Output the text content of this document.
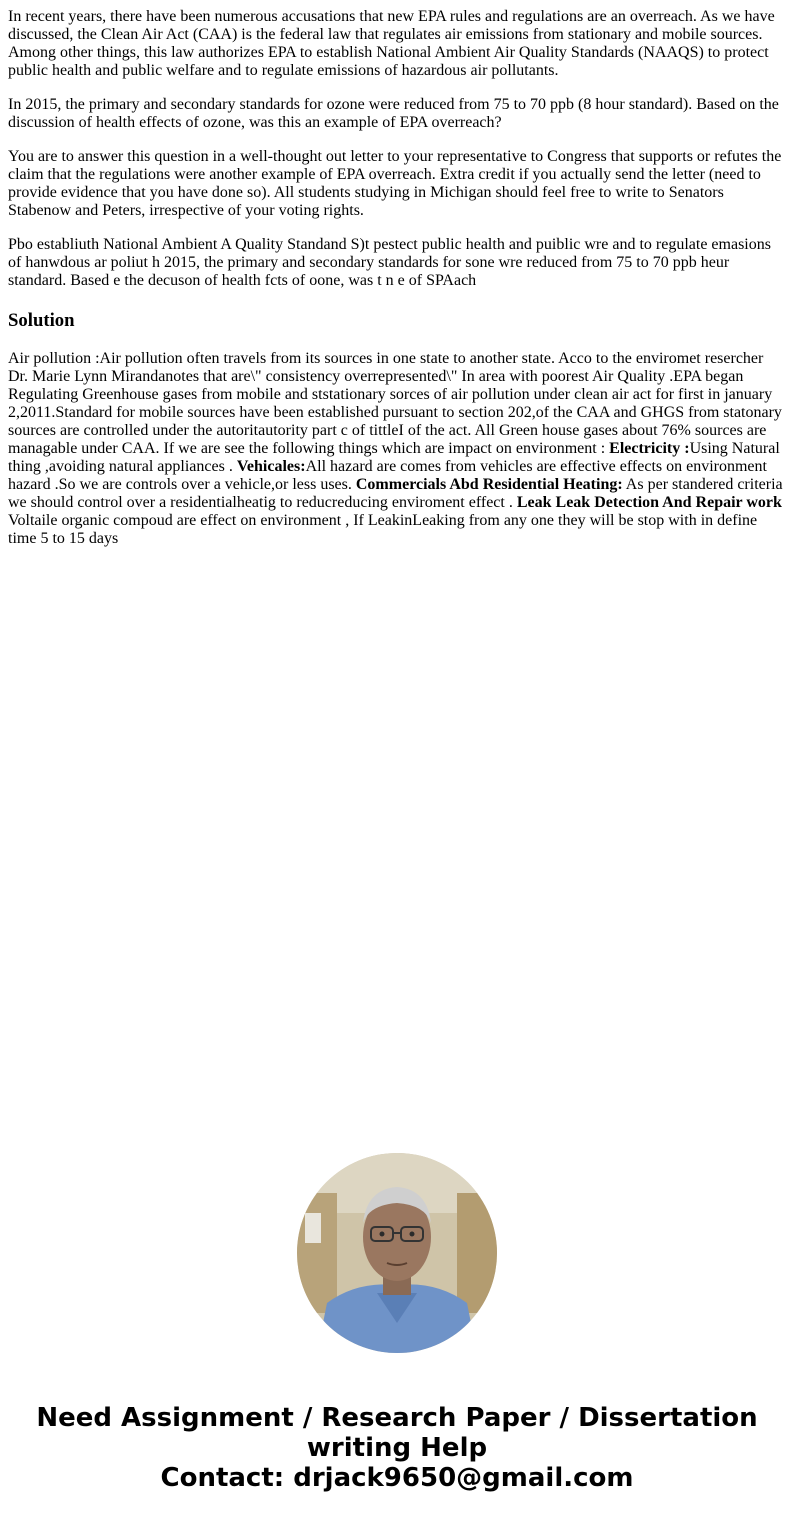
In recent years, there have been numerous accusations that new EPA rules and regulations are an overreach. As we have discussed, the Clean Air Act (CAA) is the federal law that regulates air emissions from stationary and mobile sources. Among other things, this law authorizes EPA to establish National Ambient Air Quality Standards (NAAQS) to protect public health and public welfare and to regulate emissions of hazardous air pollutants.

In 2015, the primary and secondary standards for ozone were reduced from 75 to 70 ppb (8 hour standard). Based on the discussion of health effects of ozone, was this an example of EPA overreach?

You are to answer this question in a well-thought out letter to your representative to Congress that supports or refutes the claim that the regulations were another example of EPA overreach. Extra credit if you actually send the letter (need to provide evidence that you have done so). All students studying in Michigan should feel free to write to Senators Stabenow and Peters, irrespective of your voting rights.

Pbo establiuth National Ambient A Quality Standand S)t pestect public health and puiblic wre and to regulate emasions of hanwdous ar poliut h 2015, the primary and secondary standards for sone wre reduced from 75 to 70 ppb heur standard. Based e the decuson of health fcts of oone, was t n e of SPAach

Solution

Air pollution :Air pollution often travels from its sources in one state to another state. Acco to the enviromet resercher Dr. Marie Lynn Mirandanotes that are\" consistency overrepresented\" In area with poorest Air Quality .EPA began Regulating Greenhouse gases from mobile and ststationary sorces of air pollution under clean air act for first in january 2,2011.Standard for mobile sources have been established pursuant to section 202,of the CAA and GHGS from statonary sources are controlled under the autoritautority part c of tittleI of the act. All Green house gases about 76% sources are managable under CAA. If we are see the following things which are impact on environment : Electricity :Using Natural thing ,avoiding natural appliances . Vehicales:All hazard are comes from vehicles are effective effects on environment hazard .So we are controls over a vehicle,or less uses. Commercials Abd Residential Heating: As per standered criteria we should control over a residentialheatig to reducreducing enviroment effect . Leak Leak Detection And Repair work Voltaile organic compoud are effect on environment , If LeakinLeaking from any one they will be stop with in define time 5 to 15 days

Need Assignment / Research Paper / Dissertation
writing Help
Contact: drjack9650@gmail.com
